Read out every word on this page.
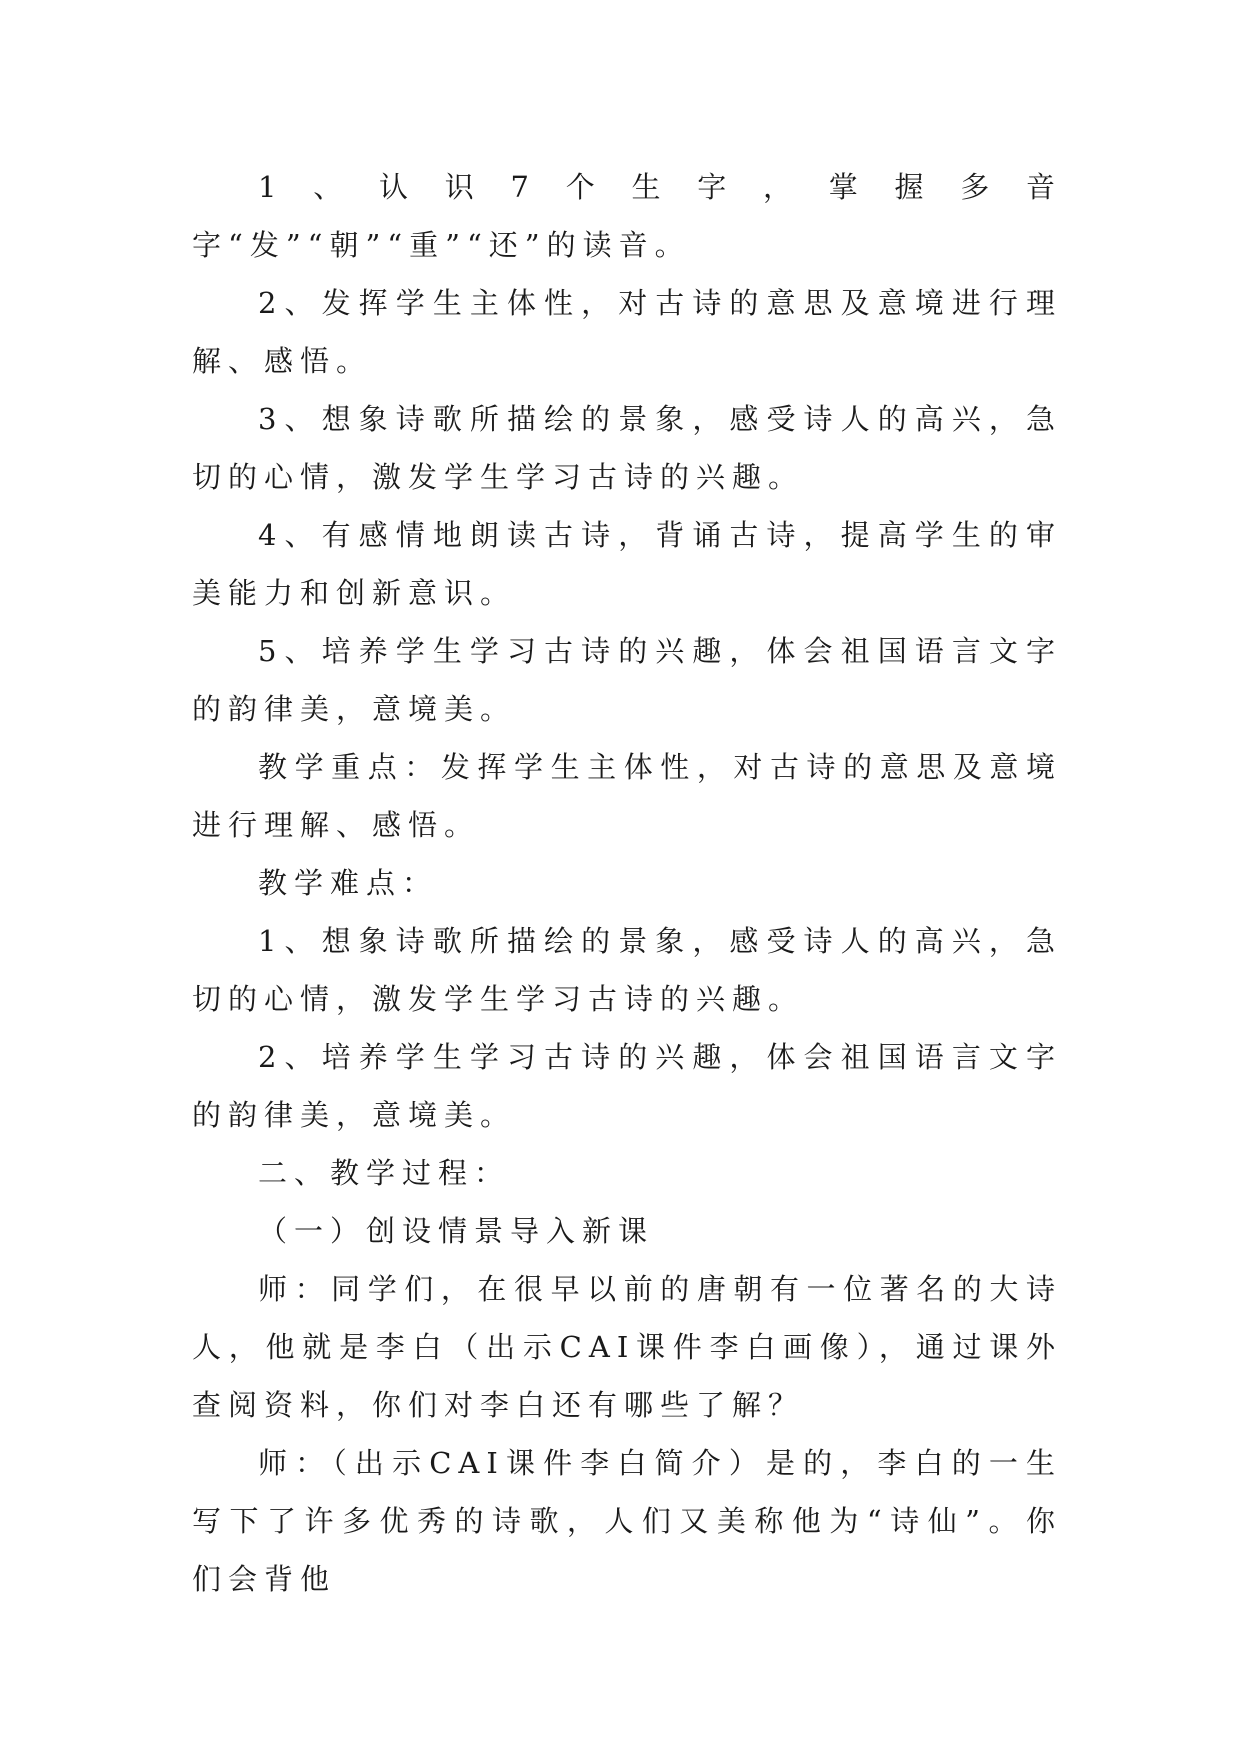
1、认识7个生字，掌握多音字“发”“朝”“重”“还”的读音。

2、发挥学生主体性，对古诗的意思及意境进行理解、感悟。

3、想象诗歌所描绘的景象，感受诗人的高兴，急切的心情，激发学生学习古诗的兴趣。

4、有感情地朗读古诗，背诵古诗，提高学生的审美能力和创新意识。

5、培养学生学习古诗的兴趣，体会祖国语言文字的韵律美，意境美。

教学重点：发挥学生主体性，对古诗的意思及意境进行理解、感悟。

教学难点：

1、想象诗歌所描绘的景象，感受诗人的高兴，急切的心情，激发学生学习古诗的兴趣。

2、培养学生学习古诗的兴趣，体会祖国语言文字的韵律美，意境美。

二、教学过程：

（一）创设情景导入新课

师：同学们，在很早以前的唐朝有一位著名的大诗人，他就是李白（出示CAI课件李白画像），通过课外查阅资料，你们对李白还有哪些了解？

师：（出示CAI课件李白简介）是的，李白的一生写下了许多优秀的诗歌，人们又美称他为“诗仙”。你们会背他
